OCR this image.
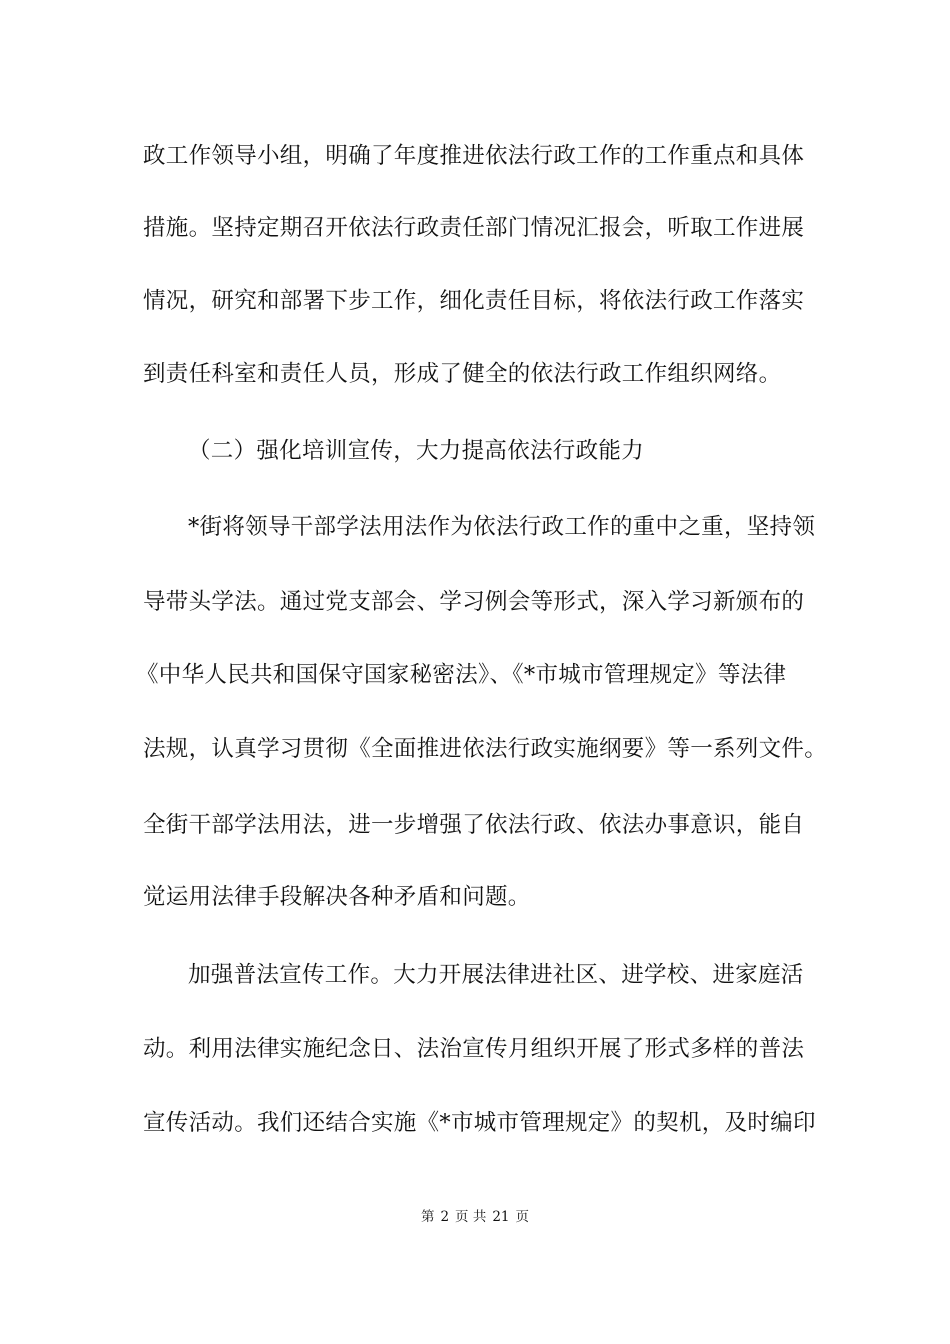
政工作领导小组，明确了年度推进依法行政工作的工作重点和具体
措施。坚持定期召开依法行政责任部门情况汇报会，听取工作进展
情况，研究和部署下步工作，细化责任目标，将依法行政工作落实
到责任科室和责任人员，形成了健全的依法行政工作组织网络。
（二）强化培训宣传，大力提高依法行政能力
*街将领导干部学法用法作为依法行政工作的重中之重，坚持领
导带头学法。通过党支部会、学习例会等形式，深入学习新颁布的
《中华人民共和国保守国家秘密法》、《*市城市管理规定》等法律
法规，认真学习贯彻《全面推进依法行政实施纲要》等一系列文件。
全街干部学法用法，进一步增强了依法行政、依法办事意识，能自
觉运用法律手段解决各种矛盾和问题。
加强普法宣传工作。大力开展法律进社区、进学校、进家庭活
动。利用法律实施纪念日、法治宣传月组织开展了形式多样的普法
宣传活动。我们还结合实施《*市城市管理规定》的契机，及时编印
第 2 页 共 21 页
